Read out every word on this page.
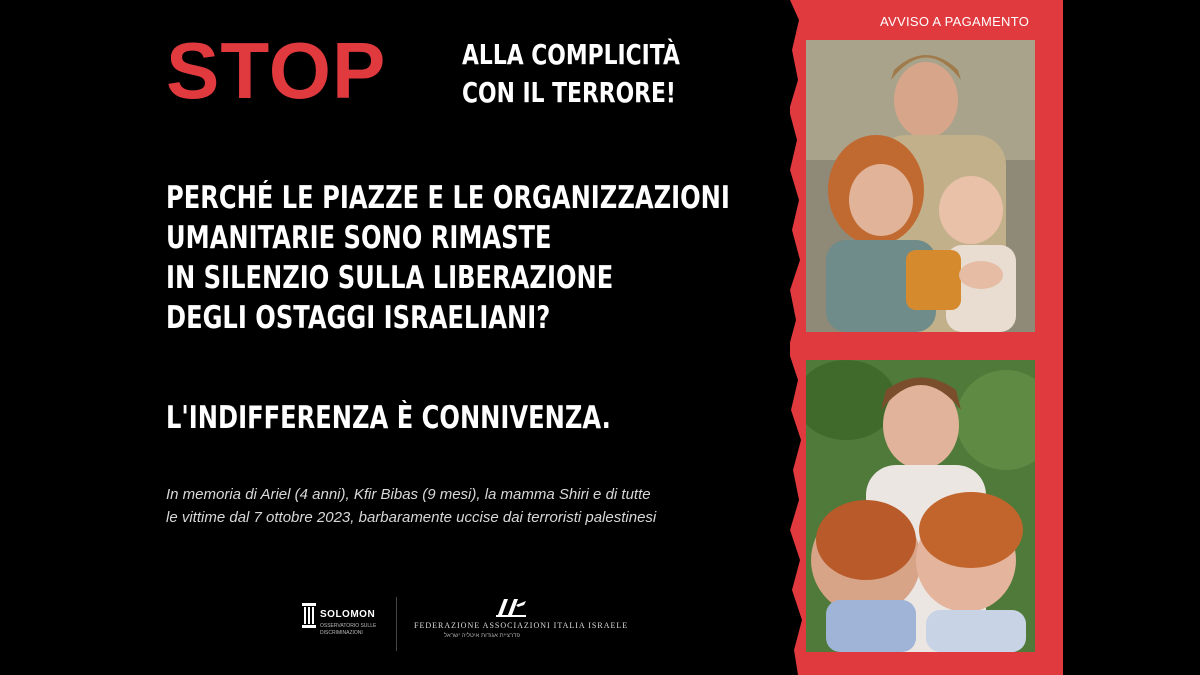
STOP	ALLA COMPLICITÀ
CON IL TERRORE!
PERCHÉ LE PIAZZE E LE ORGANIZZAZIONI
UMANITARIE SONO RIMASTE
IN SILENZIO SULLA LIBERAZIONE
DEGLI OSTAGGI ISRAELIANI?
L'INDIFFERENZA È CONNIVENZA.
In memoria di Ariel (4 anni), Kfir Bibas (9 mesi), la mamma Shiri e di tutte
le vittime dal 7 ottobre 2023, barbaramente uccise dai terroristi palestinesi
SOLOMON
OSSERVATORIO SULLE DISCRIMINAZIONI
FEDERAZIONE ASSOCIAZIONI ITALIA ISRAELE
פדרציית אגודות איטליה ישראל
AVVISO A PAGAMENTO
